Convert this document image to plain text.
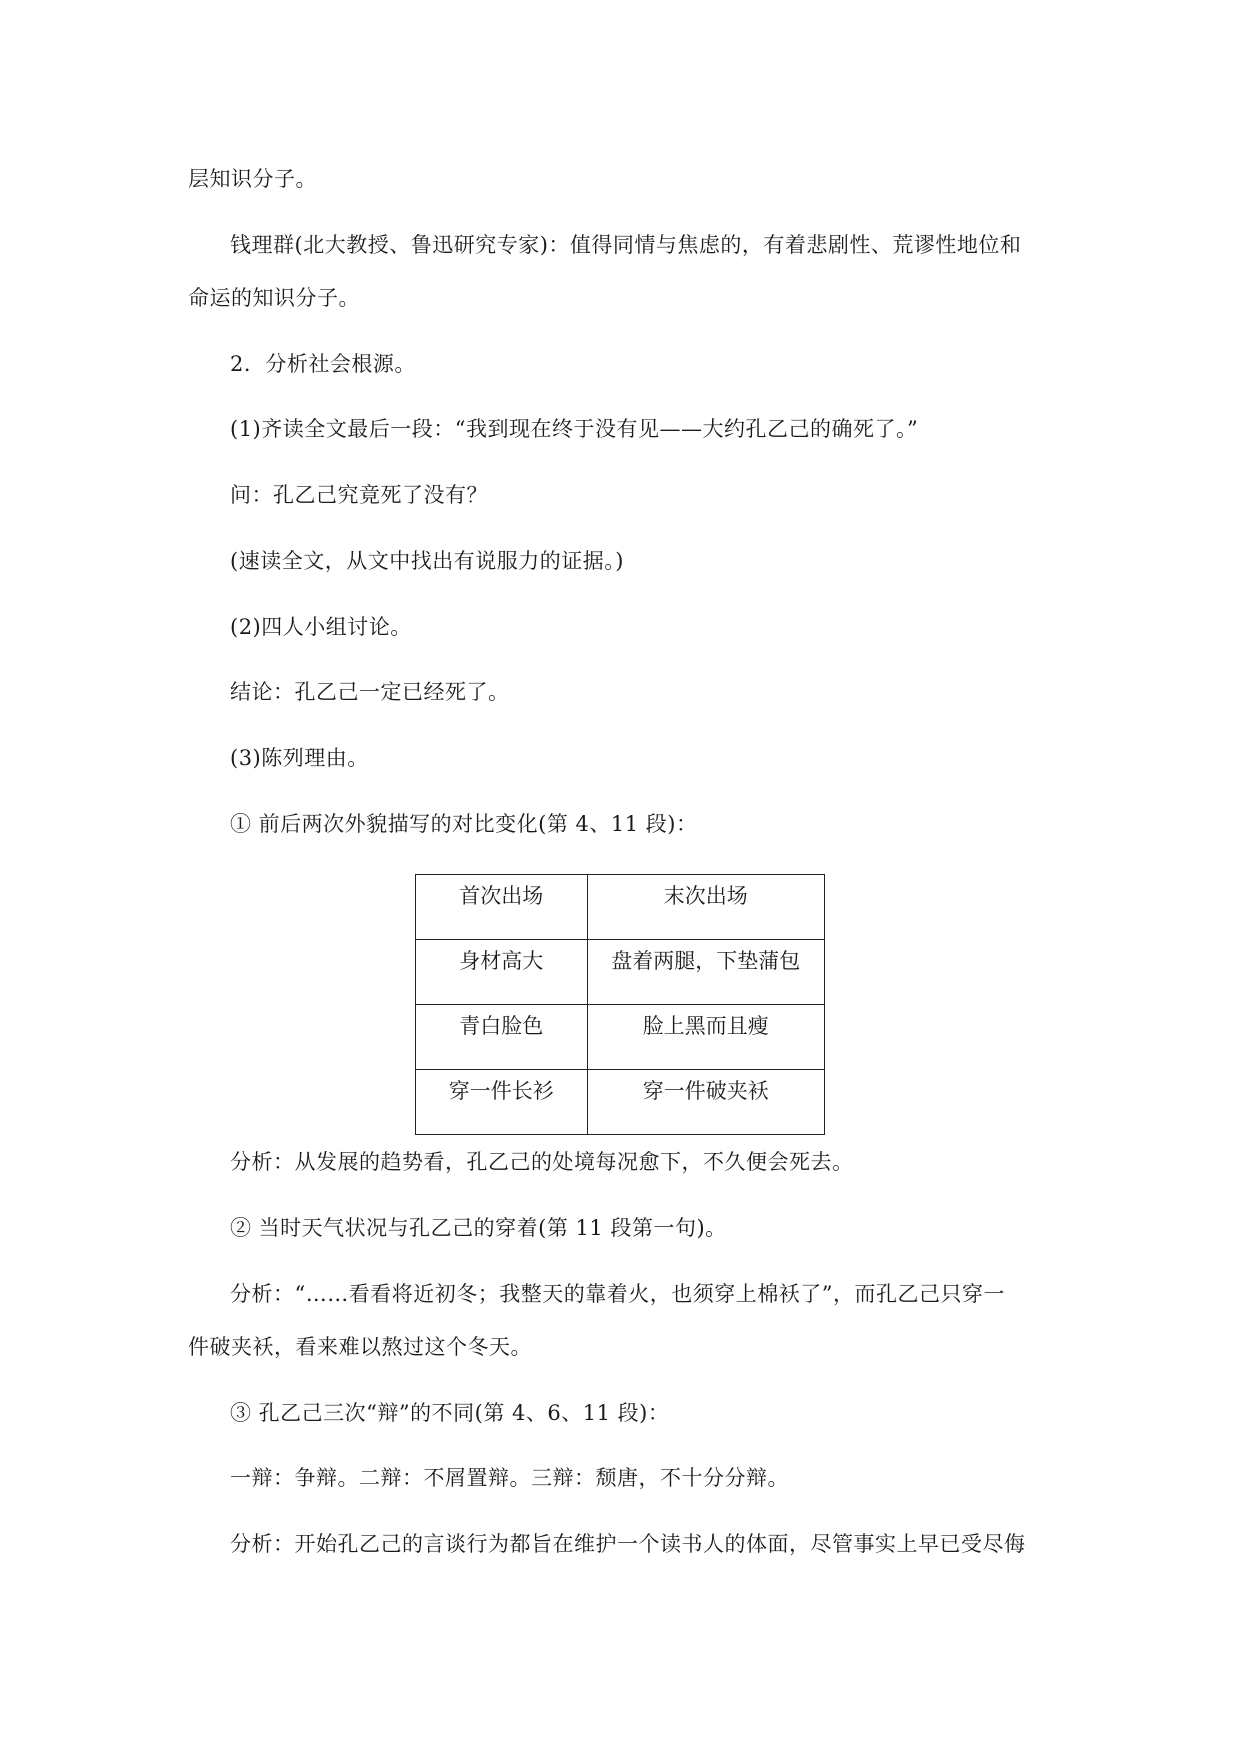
层知识分子。
钱理群(北大教授、鲁迅研究专家)：值得同情与焦虑的，有着悲剧性、荒谬性地位和
命运的知识分子。
2．分析社会根源。
(1)齐读全文最后一段：“我到现在终于没有见——大约孔乙己的确死了。”
问：孔乙己究竟死了没有？
(速读全文，从文中找出有说服力的证据。)
(2)四人小组讨论。
结论：孔乙己一定已经死了。
(3)陈列理由。
① 前后两次外貌描写的对比变化(第 4、11 段)：
首次出场	末次出场
身材高大	盘着两腿，下垫蒲包
青白脸色	脸上黑而且瘦
穿一件长衫	穿一件破夹袄
分析：从发展的趋势看，孔乙己的处境每况愈下，不久便会死去。
② 当时天气状况与孔乙己的穿着(第 11 段第一句)。
分析：“……看看将近初冬；我整天的靠着火，也须穿上棉袄了”，而孔乙己只穿一
件破夹袄，看来难以熬过这个冬天。
③ 孔乙己三次“辩”的不同(第 4、6、11 段)：
一辩：争辩。二辩：不屑置辩。三辩：颓唐，不十分分辩。
分析：开始孔乙己的言谈行为都旨在维护一个读书人的体面，尽管事实上早已受尽侮
